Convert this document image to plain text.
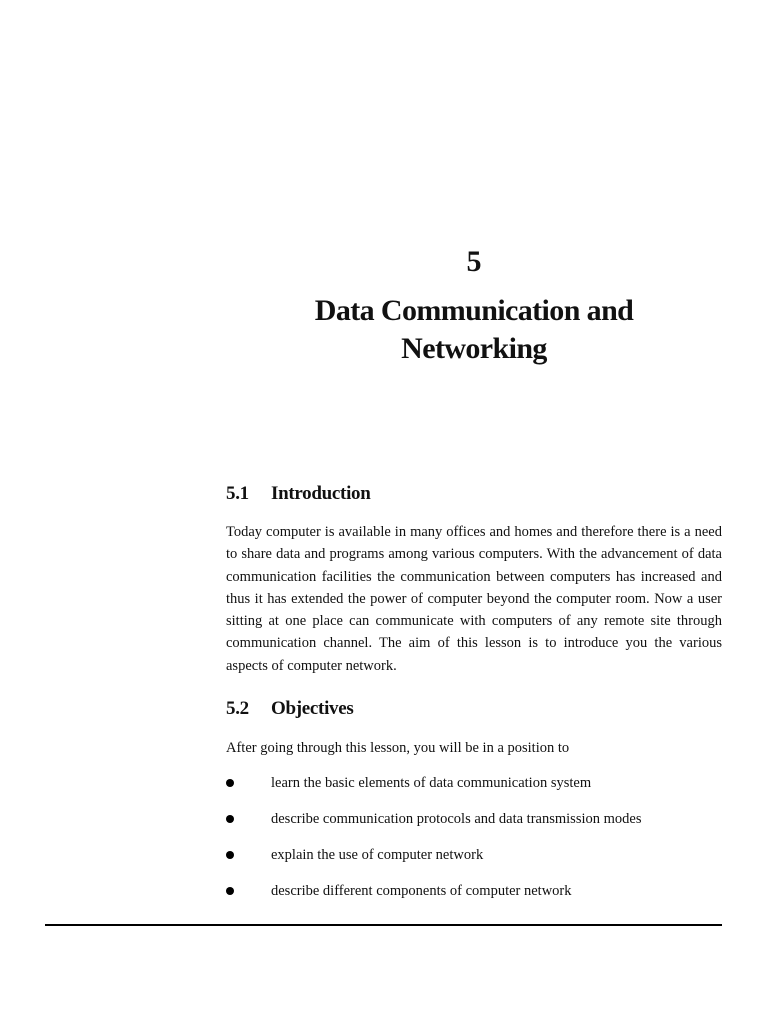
5
Data Communication and
Networking
5.1 Introduction

Today computer is available in many offices and homes and therefore there is a need to share data and programs among various computers. With the advancement of data communication facilities the communication between computers has increased and thus it has extended the power of computer beyond the computer room. Now a user sitting at one place can communicate with computers of any remote site through communication channel. The aim of this lesson is to introduce you the various aspects of computer network.

5.2 Objectives
After going through this lesson, you will be in a position to
learn the basic elements of data communication system
describe communication protocols and data transmission modes
explain the use of computer network
describe different components of computer network
